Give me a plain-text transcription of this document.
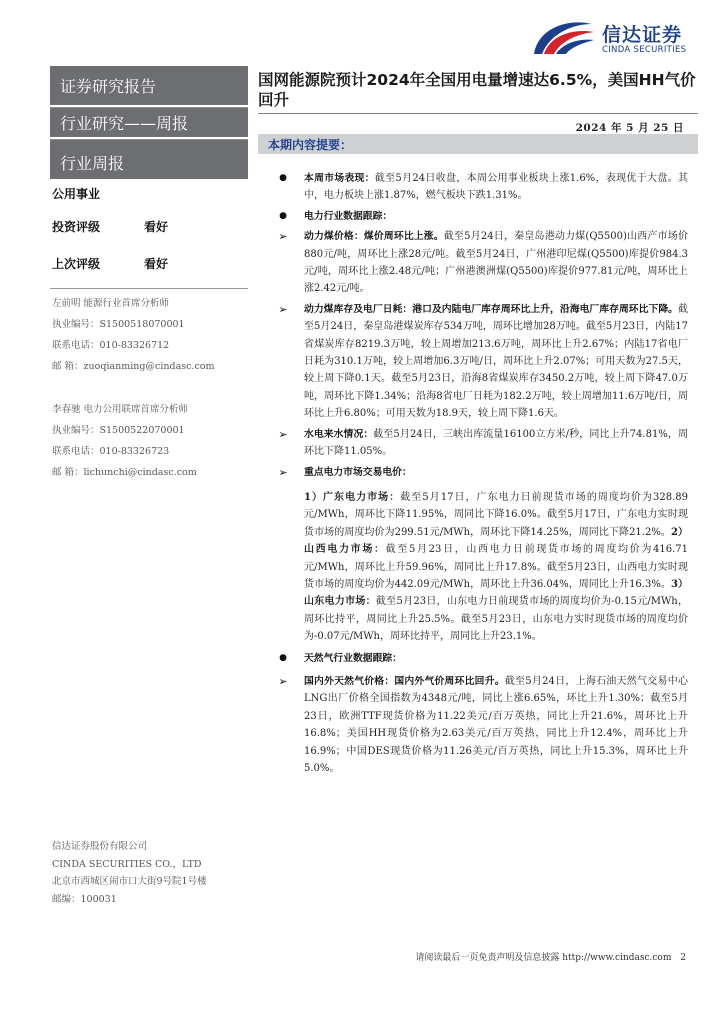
信达证券
CINDA SECURITIES
证券研究报告
行业研究——周报
行业周报
公用事业
投资评级	看好
上次评级	看好
左前明 能源行业首席分析师
执业编号：S1500518070001
联系电话：010-83326712
邮 箱：zuoqianming@cindasc.com
李春驰 电力公用联席首席分析师
执业编号：S1500522070001
联系电话：010-83326723
邮 箱：lichunchi@cindasc.com
信达证券股份有限公司
CINDA SECURITIES CO.，LTD
北京市西城区闹市口大街9号院1号楼
邮编：100031
国网能源院预计2024年全国用电量增速达6.5%，美国HH气价回升
2024 年 5 月 25 日
本期内容提要：
●	本周市场表现：截至5月24日收盘，本周公用事业板块上涨1.6%，表现优于大盘。其中，电力板块上涨1.87%，燃气板块下跌1.31%。
●	电力行业数据跟踪：
➢ 动力煤价格：煤价周环比上涨。截至5月24日，秦皇岛港动力煤(Q5500)山西产市场价880元/吨，周环比上涨28元/吨。截至5月24日，广州港印尼煤(Q5500)库提价984.3元/吨，周环比上涨2.48元/吨；广州港澳洲煤(Q5500)库提价977.81元/吨，周环比上涨2.42元/吨。
➢ 动力煤库存及电厂日耗：港口及内陆电厂库存周环比上升，沿海电厂库存周环比下降。截至5月24日，秦皇岛港煤炭库存534万吨，周环比增加28万吨。截至5月23日，内陆17省煤炭库存8219.3万吨，较上周增加213.6万吨，周环比上升2.67%；内陆17省电厂日耗为310.1万吨，较上周增加6.3万吨/日，周环比上升2.07%；可用天数为27.5天，较上周下降0.1天。截至5月23日，沿海8省煤炭库存3450.2万吨，较上周下降47.0万吨，周环比下降1.34%；沿海8省电厂日耗为182.2万吨，较上周增加11.6万吨/日，周环比上升6.80%；可用天数为18.9天，较上周下降1.6天。
➢ 水电来水情况：截至5月24日，三峡出库流量16100立方米/秒，同比上升74.81%，周环比下降11.05%。
➢ 重点电力市场交易电价：
1）广东电力市场：截至5月17日，广东电力日前现货市场的周度均价为328.89元/MWh，周环比下降11.95%，周同比下降16.0%。截至5月17日，广东电力实时现货市场的周度均价为299.51元/MWh，周环比下降14.25%，周同比下降21.2%。2）山西电力市场：截至5月23日，山西电力日前现货市场的周度均价为416.71元/MWh，周环比上升59.96%，周同比上升17.8%。截至5月23日，山西电力实时现货市场的周度均价为442.09元/MWh，周环比上升36.04%，周同比上升16.3%。3）山东电力市场：截至5月23日，山东电力日前现货市场的周度均价为-0.15元/MWh，周环比持平，周同比上升25.5%。截至5月23日，山东电力实时现货市场的周度均价为-0.07元/MWh，周环比持平，周同比上升23.1%。
●	天然气行业数据跟踪：
➢ 国内外天然气价格：国内外气价周环比回升。截至5月24日，上海石油天然气交易中心LNG出厂价格全国指数为4348元/吨，同比上涨6.65%，环比上升1.30%；截至5月23日，欧洲TTF现货价格为11.22美元/百万英热，同比上升21.6%，周环比上升16.8%；美国HH现货价格为2.63美元/百万英热，同比上升12.4%，周环比上升16.9%；中国DES现货价格为11.26美元/百万英热，同比上升15.3%，周环比上升5.0%。
请阅读最后一页免责声明及信息披露 http://www.cindasc.com 2
